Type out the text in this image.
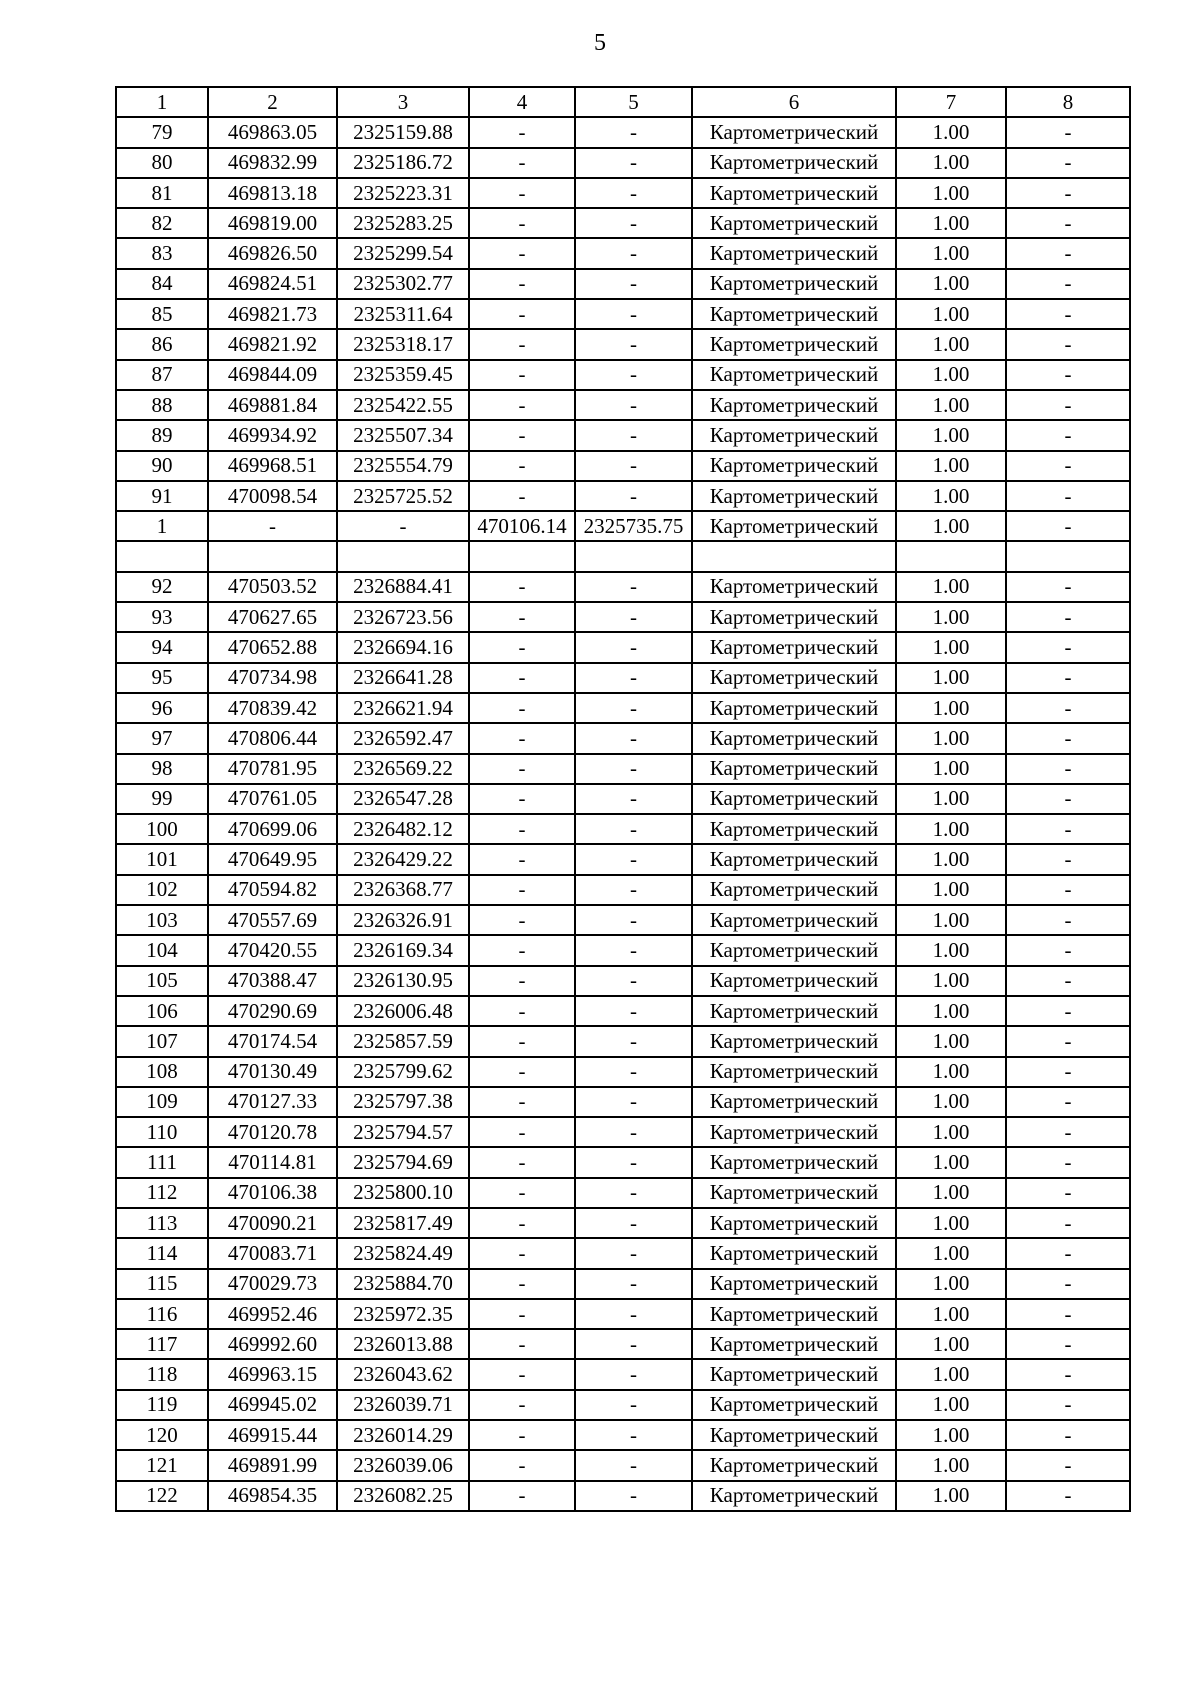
5
1	2	3	4	5	6	7	8
79	469863.05	2325159.88	-	-	Картометрический	1.00	-
80	469832.99	2325186.72	-	-	Картометрический	1.00	-
81	469813.18	2325223.31	-	-	Картометрический	1.00	-
82	469819.00	2325283.25	-	-	Картометрический	1.00	-
83	469826.50	2325299.54	-	-	Картометрический	1.00	-
84	469824.51	2325302.77	-	-	Картометрический	1.00	-
85	469821.73	2325311.64	-	-	Картометрический	1.00	-
86	469821.92	2325318.17	-	-	Картометрический	1.00	-
87	469844.09	2325359.45	-	-	Картометрический	1.00	-
88	469881.84	2325422.55	-	-	Картометрический	1.00	-
89	469934.92	2325507.34	-	-	Картометрический	1.00	-
90	469968.51	2325554.79	-	-	Картометрический	1.00	-
91	470098.54	2325725.52	-	-	Картометрический	1.00	-
1	-	-	470106.14	2325735.75	Картометрический	1.00	-

92	470503.52	2326884.41	-	-	Картометрический	1.00	-
93	470627.65	2326723.56	-	-	Картометрический	1.00	-
94	470652.88	2326694.16	-	-	Картометрический	1.00	-
95	470734.98	2326641.28	-	-	Картометрический	1.00	-
96	470839.42	2326621.94	-	-	Картометрический	1.00	-
97	470806.44	2326592.47	-	-	Картометрический	1.00	-
98	470781.95	2326569.22	-	-	Картометрический	1.00	-
99	470761.05	2326547.28	-	-	Картометрический	1.00	-
100	470699.06	2326482.12	-	-	Картометрический	1.00	-
101	470649.95	2326429.22	-	-	Картометрический	1.00	-
102	470594.82	2326368.77	-	-	Картометрический	1.00	-
103	470557.69	2326326.91	-	-	Картометрический	1.00	-
104	470420.55	2326169.34	-	-	Картометрический	1.00	-
105	470388.47	2326130.95	-	-	Картометрический	1.00	-
106	470290.69	2326006.48	-	-	Картометрический	1.00	-
107	470174.54	2325857.59	-	-	Картометрический	1.00	-
108	470130.49	2325799.62	-	-	Картометрический	1.00	-
109	470127.33	2325797.38	-	-	Картометрический	1.00	-
110	470120.78	2325794.57	-	-	Картометрический	1.00	-
111	470114.81	2325794.69	-	-	Картометрический	1.00	-
112	470106.38	2325800.10	-	-	Картометрический	1.00	-
113	470090.21	2325817.49	-	-	Картометрический	1.00	-
114	470083.71	2325824.49	-	-	Картометрический	1.00	-
115	470029.73	2325884.70	-	-	Картометрический	1.00	-
116	469952.46	2325972.35	-	-	Картометрический	1.00	-
117	469992.60	2326013.88	-	-	Картометрический	1.00	-
118	469963.15	2326043.62	-	-	Картометрический	1.00	-
119	469945.02	2326039.71	-	-	Картометрический	1.00	-
120	469915.44	2326014.29	-	-	Картометрический	1.00	-
121	469891.99	2326039.06	-	-	Картометрический	1.00	-
122	469854.35	2326082.25	-	-	Картометрический	1.00	-
